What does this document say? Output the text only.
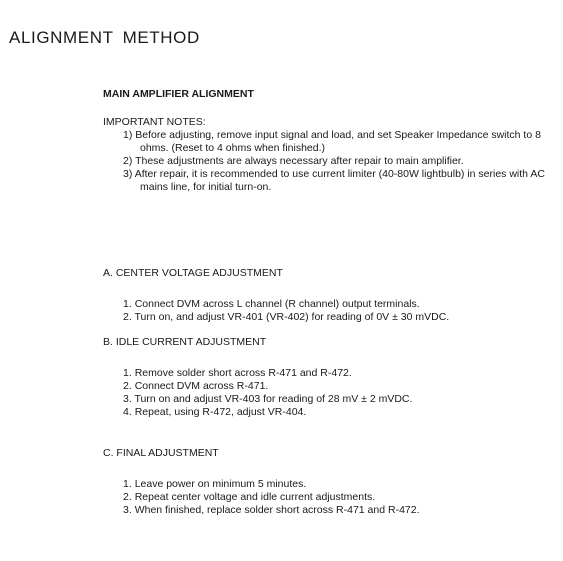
ALIGNMENT METHOD
MAIN AMPLIFIER ALIGNMENT
IMPORTANT NOTES:
1) Before adjusting, remove input signal and load, and set Speaker Impedance switch to 8 ohms. (Reset to 4 ohms when finished.)
2) These adjustments are always necessary after repair to main amplifier.
3) After repair, it is recommended to use current limiter (40-80W lightbulb) in series with AC mains line, for initial turn-on.
A. CENTER VOLTAGE ADJUSTMENT
1. Connect DVM across L channel (R channel) output terminals.
2. Turn on, and adjust VR-401 (VR-402) for reading of 0V ± 30 mVDC.
B. IDLE CURRENT ADJUSTMENT
1. Remove solder short across R-471 and R-472.
2. Connect DVM across R-471.
3. Turn on and adjust VR-403 for reading of 28 mV ± 2 mVDC.
4. Repeat, using R-472, adjust VR-404.
C. FINAL ADJUSTMENT
1. Leave power on minimum 5 minutes.
2. Repeat center voltage and idle current adjustments.
3. When finished, replace solder short across R-471 and R-472.
